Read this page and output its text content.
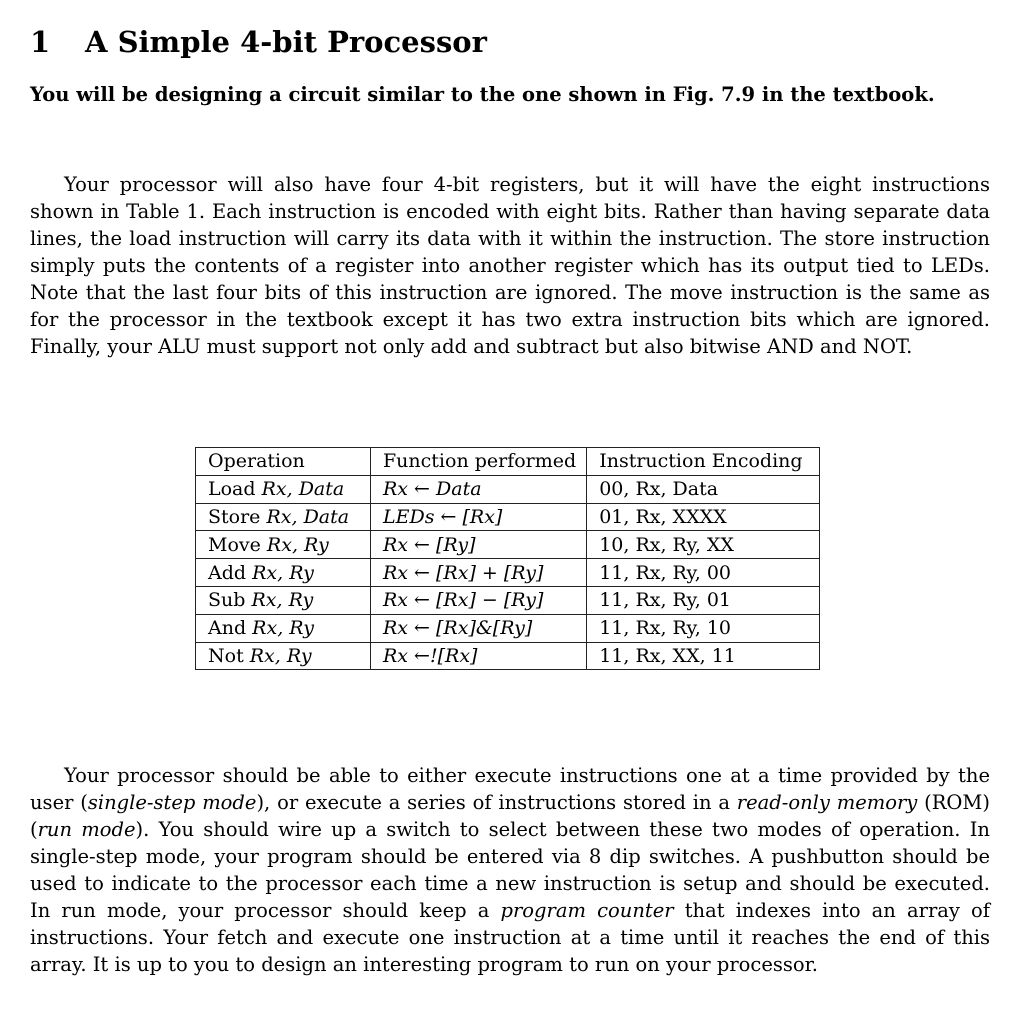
1 A Simple 4-bit Processor

You will be designing a circuit similar to the one shown in Fig. 7.9 in the textbook.

Your processor will also have four 4-bit registers, but it will have the eight instructions shown in Table 1. Each instruction is encoded with eight bits. Rather than having separate data lines, the load instruction will carry its data with it within the instruction. The store instruction simply puts the contents of a register into another register which has its output tied to LEDs. Note that the last four bits of this instruction are ignored. The move instruction is the same as for the processor in the textbook except it has two extra instruction bits which are ignored. Finally, your ALU must support not only add and subtract but also bitwise AND and NOT.

Operation	Function performed	Instruction Encoding
Load Rx, Data	Rx ← Data	00, Rx, Data
Store Rx, Data	LEDs ← [Rx]	01, Rx, XXXX
Move Rx, Ry	Rx ← [Ry]	10, Rx, Ry, XX
Add Rx, Ry	Rx ← [Rx] + [Ry]	11, Rx, Ry, 00
Sub Rx, Ry	Rx ← [Rx] − [Ry]	11, Rx, Ry, 01
And Rx, Ry	Rx ← [Rx]&[Ry]	11, Rx, Ry, 10
Not Rx, Ry	Rx ←![Rx]	11, Rx, XX, 11

Your processor should be able to either execute instructions one at a time provided by the user (single-step mode), or execute a series of instructions stored in a read-only memory (ROM) (run mode). You should wire up a switch to select between these two modes of operation. In single-step mode, your program should be entered via 8 dip switches. A pushbutton should be used to indicate to the processor each time a new instruction is setup and should be executed. In run mode, your processor should keep a program counter that indexes into an array of instructions. Your fetch and execute one instruction at a time until it reaches the end of this array. It is up to you to design an interesting program to run on your processor.
